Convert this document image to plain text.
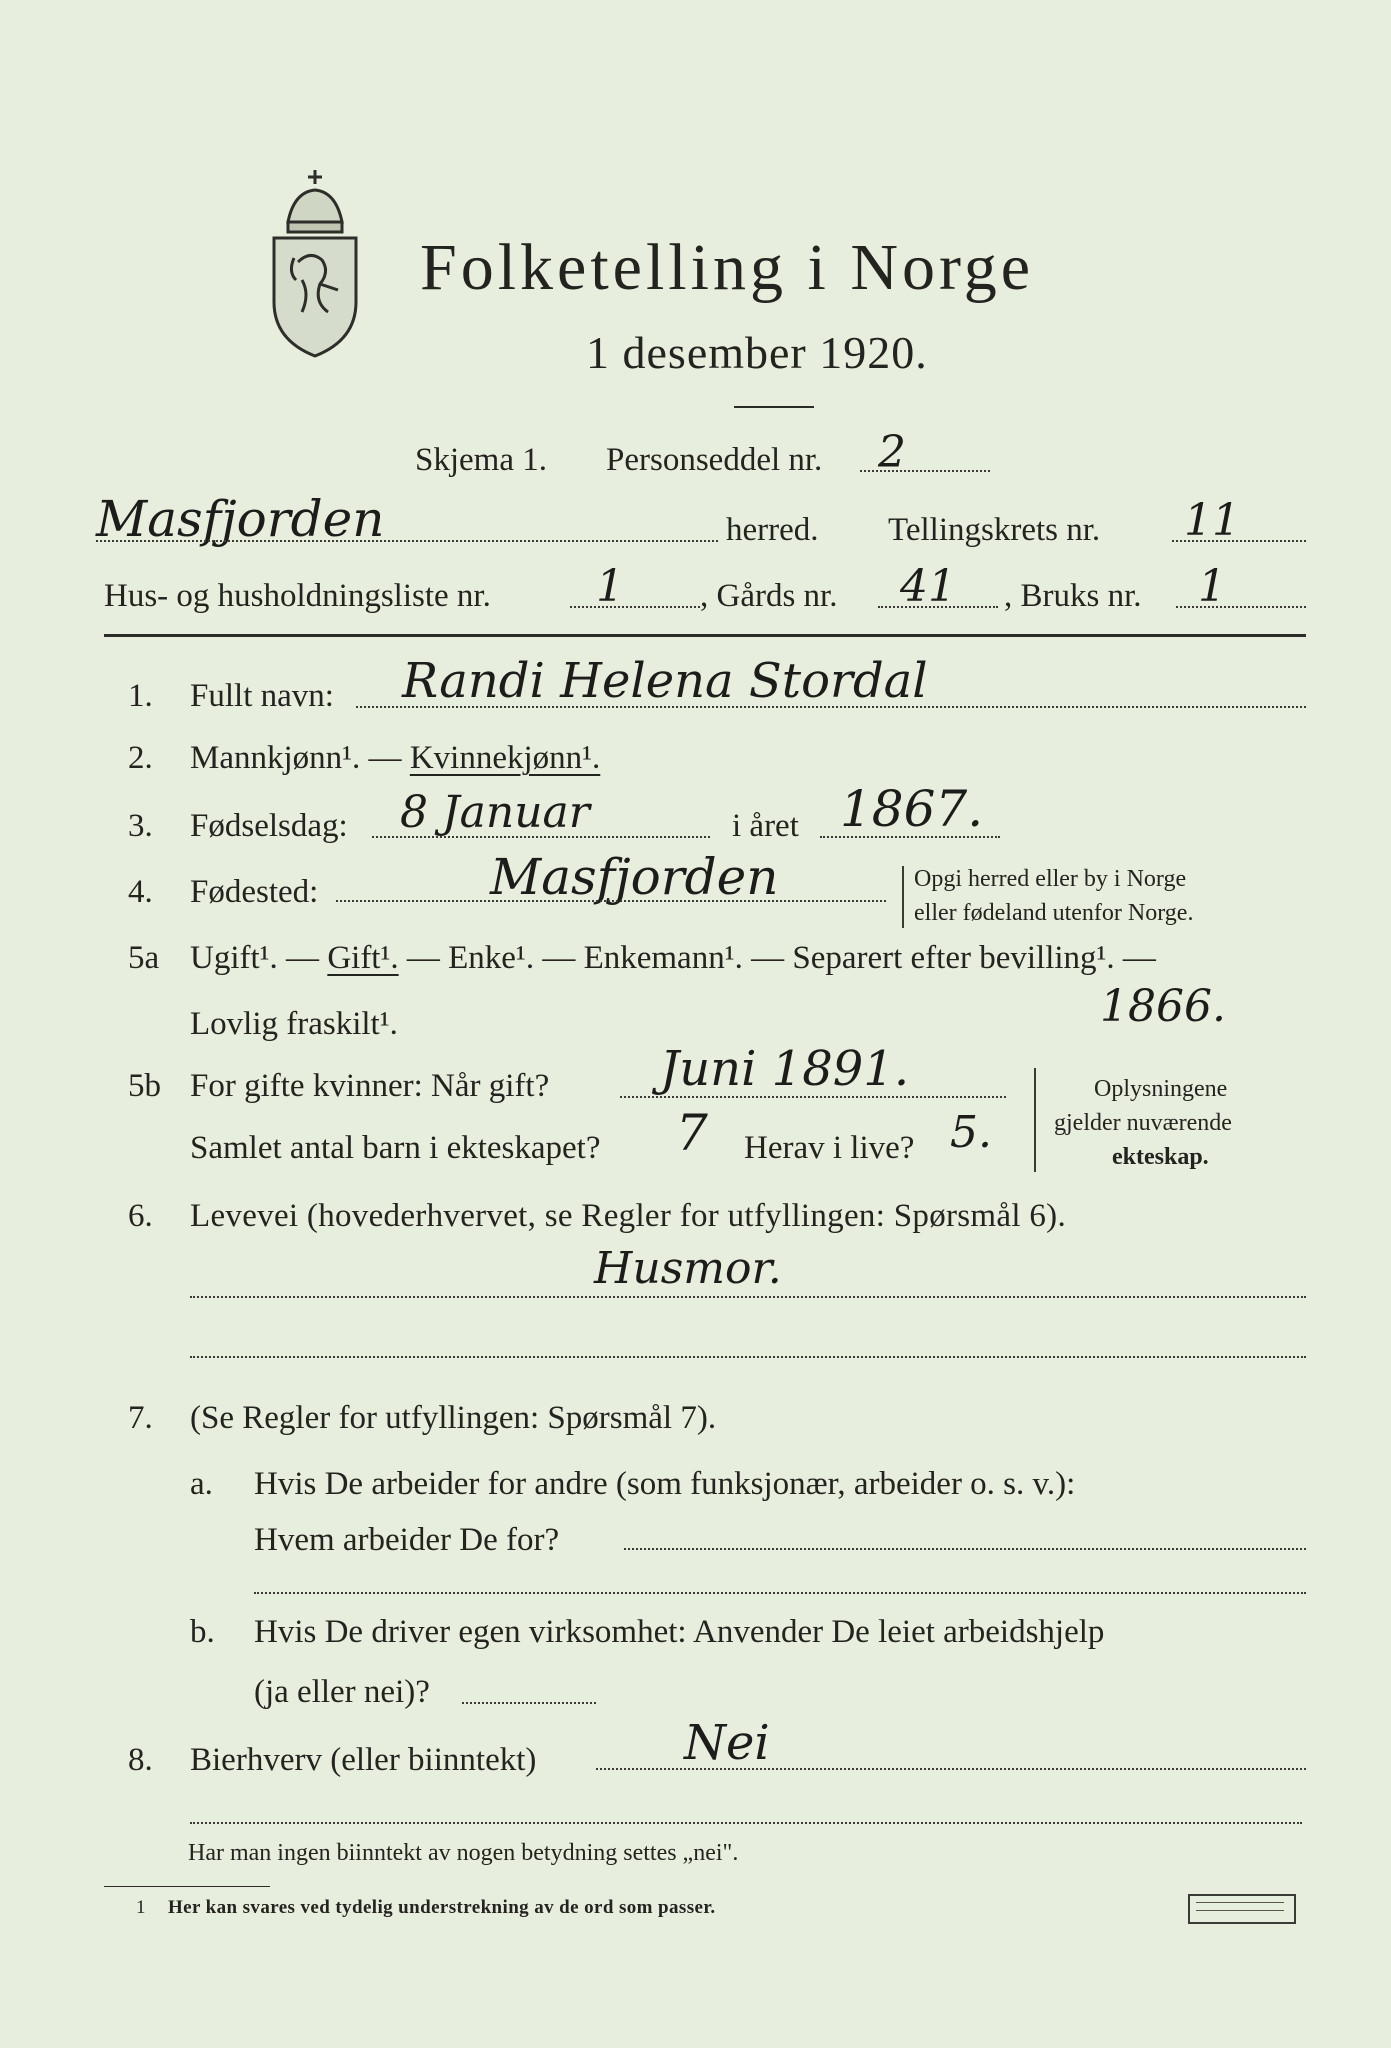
Folketelling i Norge
1 desember 1920.
Skjema 1. Personseddel nr. 2
Masfjorden	herred. Tellingskrets nr. 11
Hus- og husholdningsliste nr. 1 , Gårds nr. 41 , Bruks nr. 1
1. Fullt navn: Randi Helena Stordal
2. Mannkjønn¹. — Kvinnekjønn¹.
3. Fødselsdag: 8 Januar	i året 1867.
4. Fødested:	Masfjorden	Opgi herred eller by i Norge
eller fødeland utenfor Norge.
5a Ugift¹. — Gift¹. — Enke¹. — Enkemann¹. — Separert efter bevilling¹. —
Lovlig fraskilt¹.	1866.
5b For gifte kvinner: Når gift? Juni 1891.
Samlet antal barn i ekteskapet? 7 Herav i live? 5.
Oplysningene
gjelder nuværende
ekteskap.
6. Levevei (hovederhvervet, se Regler for utfyllingen: Spørsmål 6).
Husmor.
7. (Se Regler for utfyllingen: Spørsmål 7).
a. Hvis De arbeider for andre (som funksjonær, arbeider o. s. v.):
Hvem arbeider De for?
b. Hvis De driver egen virksomhet: Anvender De leiet arbeidshjelp
(ja eller nei)?
8. Bierhverv (eller biinntekt)	Nei
Har man ingen biinntekt av nogen betydning settes „nei".
1 Her kan svares ved tydelig understrekning av de ord som passer.
